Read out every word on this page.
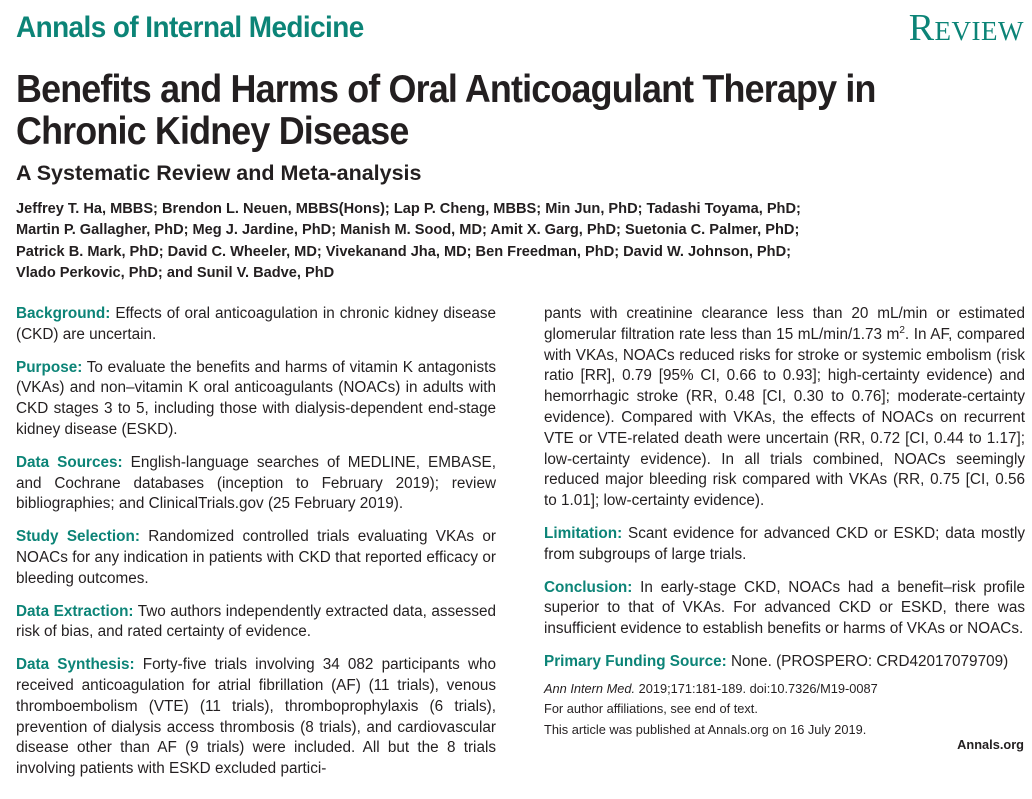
Annals of Internal Medicine	Review
Benefits and Harms of Oral Anticoagulant Therapy in Chronic Kidney Disease
A Systematic Review and Meta-analysis
Jeffrey T. Ha, MBBS; Brendon L. Neuen, MBBS(Hons); Lap P. Cheng, MBBS; Min Jun, PhD; Tadashi Toyama, PhD;
Martin P. Gallagher, PhD; Meg J. Jardine, PhD; Manish M. Sood, MD; Amit X. Garg, PhD; Suetonia C. Palmer, PhD;
Patrick B. Mark, PhD; David C. Wheeler, MD; Vivekanand Jha, MD; Ben Freedman, PhD; David W. Johnson, PhD;
Vlado Perkovic, PhD; and Sunil V. Badve, PhD

Background: Effects of oral anticoagulation in chronic kidney disease (CKD) are uncertain.

Purpose: To evaluate the benefits and harms of vitamin K antagonists (VKAs) and non–vitamin K oral anticoagulants (NOACs) in adults with CKD stages 3 to 5, including those with dialysis-dependent end-stage kidney disease (ESKD).

Data Sources: English-language searches of MEDLINE, EMBASE, and Cochrane databases (inception to February 2019); review bibliographies; and ClinicalTrials.gov (25 February 2019).

Study Selection: Randomized controlled trials evaluating VKAs or NOACs for any indication in patients with CKD that reported efficacy or bleeding outcomes.

Data Extraction: Two authors independently extracted data, assessed risk of bias, and rated certainty of evidence.

Data Synthesis: Forty-five trials involving 34 082 participants who received anticoagulation for atrial fibrillation (AF) (11 trials), venous thromboembolism (VTE) (11 trials), thromboprophylaxis (6 trials), prevention of dialysis access thrombosis (8 trials), and cardiovascular disease other than AF (9 trials) were included. All but the 8 trials involving patients with ESKD excluded partici-

pants with creatinine clearance less than 20 mL/min or estimated glomerular filtration rate less than 15 mL/min/1.73 $m^2$. In AF, compared with VKAs, NOACs reduced risks for stroke or systemic embolism (risk ratio [RR], 0.79 [95% CI, 0.66 to 0.93]; high-certainty evidence) and hemorrhagic stroke (RR, 0.48 [CI, 0.30 to 0.76]; moderate-certainty evidence). Compared with VKAs, the effects of NOACs on recurrent VTE or VTE-related death were uncertain (RR, 0.72 [CI, 0.44 to 1.17]; low-certainty evidence). In all trials combined, NOACs seemingly reduced major bleeding risk compared with VKAs (RR, 0.75 [CI, 0.56 to 1.01]; low-certainty evidence).

Limitation: Scant evidence for advanced CKD or ESKD; data mostly from subgroups of large trials.

Conclusion: In early-stage CKD, NOACs had a benefit–risk profile superior to that of VKAs. For advanced CKD or ESKD, there was insufficient evidence to establish benefits or harms of VKAs or NOACs.

Primary Funding Source: None. (PROSPERO: CRD42017079709)

Ann Intern Med. 2019;171:181-189. doi:10.7326/M19-0087
For author affiliations, see end of text.
This article was published at Annals.org on 16 July 2019.
Annals.org
